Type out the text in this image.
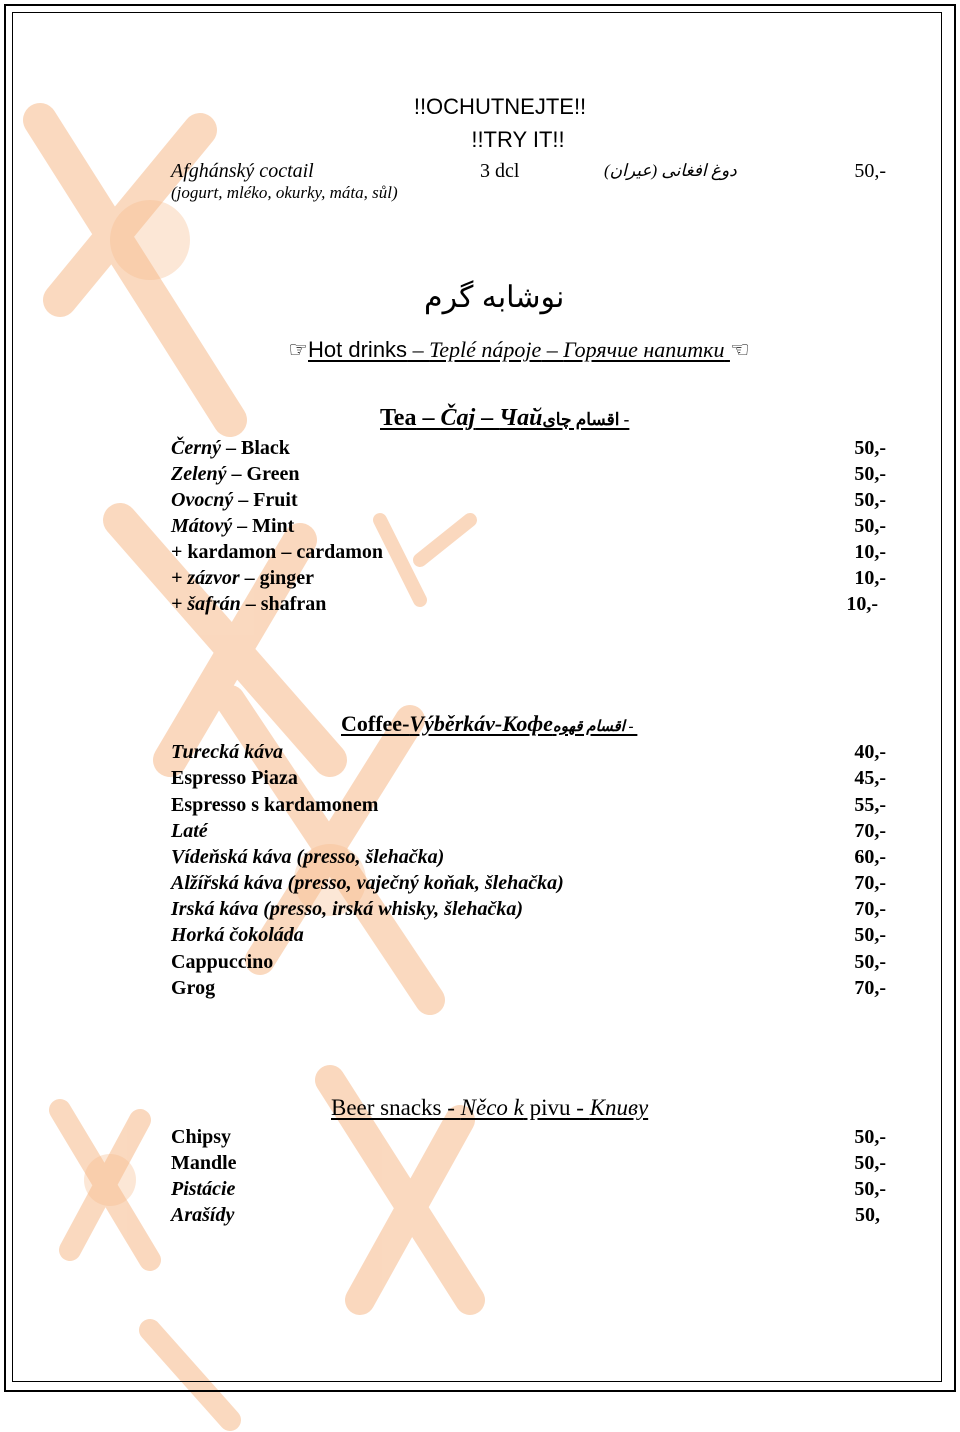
!!OCHUTNEJTE!!
!!TRY IT!!
Afghánský coctail	3 dcl	دوغ افغانی (عیران)	50,-
(jogurt, mléko, okurky, máta, sůl)
نوشابه گرم
☞Hot drinks – Teplé nápoje – Горячие напитки ☞
Tea – Čaj – Чай- اقسام چای
Černý – Black	50,-
Zelený – Green	50,-
Ovocný – Fruit	50,-
Mátový – Mint	50,-
+ kardamon – cardamon	10,-
+ zázvor – ginger	10,-
+ šafrán – shafran	10,-
Coffee-Výběrkáv-Кофе - اقسام قهوه
Turecká káva	40,-
Espresso Piaza	45,-
Espresso s kardamonem	55,-
Laté	70,-
Vídeňská káva (presso, šlehačka)	60,-
Alžířská káva (presso, vaječný koňak, šlehačka)	70,-
Irská káva (presso, irská whisky, šlehačka)	70,-
Horká čokoláda	50,-
Cappuccino	50,-
Grog	70,-
Beer snacks - Něco k pivu - Кпивy
Chipsy	50,-
Mandle	50,-
Pistácie	50,-
Arašídy	50,
